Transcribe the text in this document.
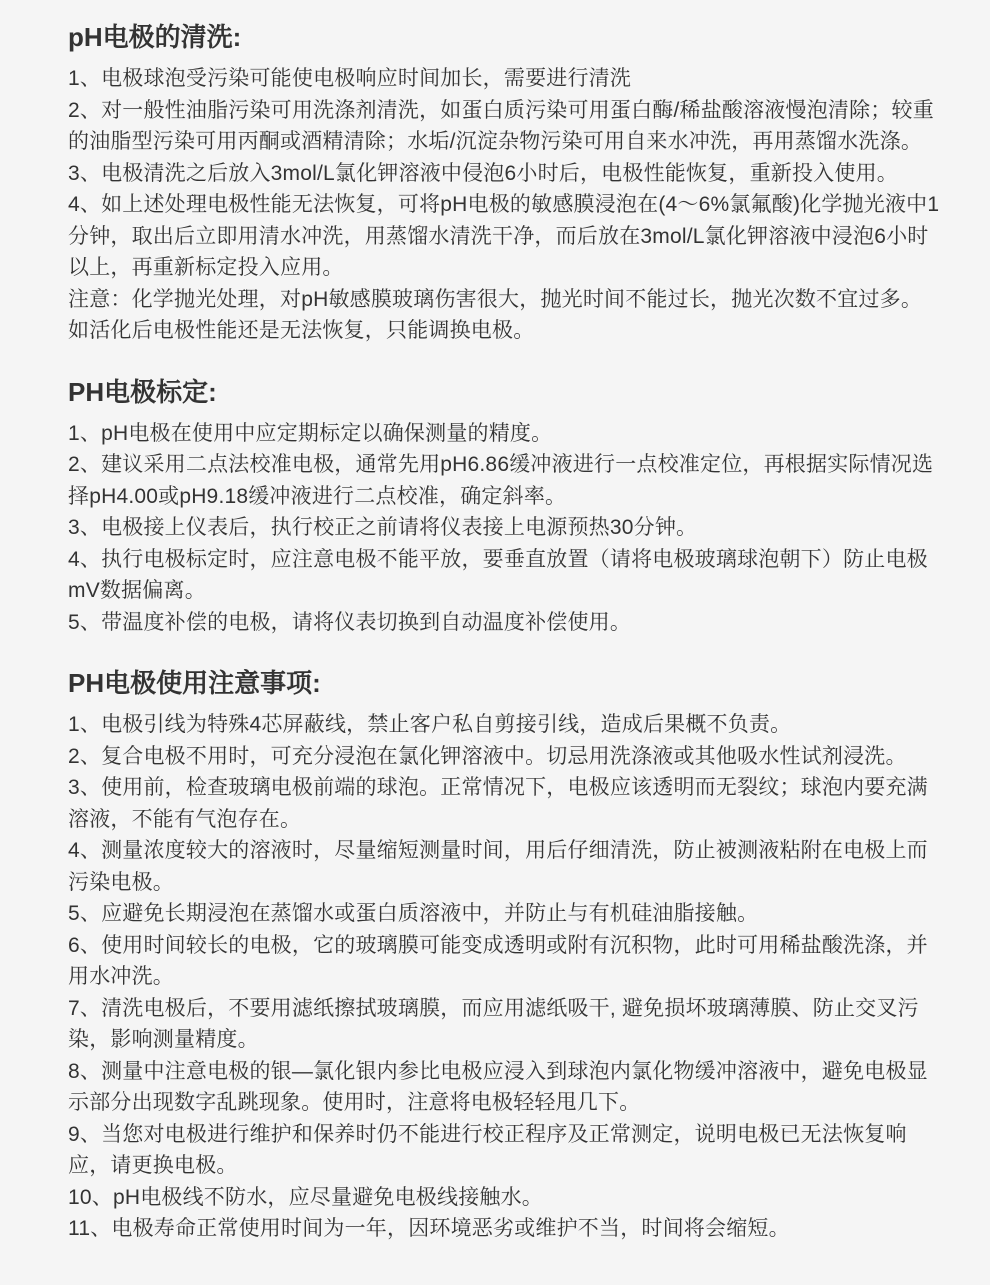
pH电极的清洗:

1、电极球泡受污染可能使电极响应时间加长，需要进行清洗

2、对一般性油脂污染可用洗涤剂清洗，如蛋白质污染可用蛋白酶/稀盐酸溶液慢泡清除；较重的油脂型污染可用丙酮或酒精清除；水垢/沉淀杂物污染可用自来水冲洗，再用蒸馏水洗涤。

3、电极清洗之后放入3mol/L氯化钾溶液中侵泡6小时后，电极性能恢复，重新投入使用。

4、如上述处理电极性能无法恢复，可将pH电极的敏感膜浸泡在(4～6%氯氟酸)化学抛光液中1分钟，取出后立即用清水冲洗，用蒸馏水清洗干净，而后放在3mol/L氯化钾溶液中浸泡6小时以上，再重新标定投入应用。

注意：化学抛光处理，对pH敏感膜玻璃伤害很大，抛光时间不能过长，抛光次数不宜过多。如活化后电极性能还是无法恢复，只能调换电极。

PH电极标定:

1、pH电极在使用中应定期标定以确保测量的精度。

2、建议采用二点法校准电极，通常先用pH6.86缓冲液进行一点校准定位，再根据实际情况选择pH4.00或pH9.18缓冲液进行二点校准，确定斜率。

3、电极接上仪表后，执行校正之前请将仪表接上电源预热30分钟。

4、执行电极标定时，应注意电极不能平放，要垂直放置（请将电极玻璃球泡朝下）防止电极mV数据偏离。

5、带温度补偿的电极，请将仪表切换到自动温度补偿使用。

PH电极使用注意事项:

1、电极引线为特殊4芯屏蔽线，禁止客户私自剪接引线，造成后果概不负责。

2、复合电极不用时，可充分浸泡在氯化钾溶液中。切忌用洗涤液或其他吸水性试剂浸洗。

3、使用前，检查玻璃电极前端的球泡。正常情况下，电极应该透明而无裂纹；球泡内要充满溶液，不能有气泡存在。

4、测量浓度较大的溶液时，尽量缩短测量时间，用后仔细清洗，防止被测液粘附在电极上而污染电极。

5、应避免长期浸泡在蒸馏水或蛋白质溶液中，并防止与有机硅油脂接触。

6、使用时间较长的电极，它的玻璃膜可能变成透明或附有沉积物，此时可用稀盐酸洗涤，并用水冲洗。

7、清洗电极后，不要用滤纸擦拭玻璃膜，而应用滤纸吸干, 避免损坏玻璃薄膜、防止交叉污染，影响测量精度。

8、测量中注意电极的银—氯化银内参比电极应浸入到球泡内氯化物缓冲溶液中，避免电极显示部分出现数字乱跳现象。使用时，注意将电极轻轻甩几下。

9、当您对电极进行维护和保养时仍不能进行校正程序及正常测定，说明电极已无法恢复响应，请更换电极。

10、pH电极线不防水，应尽量避免电极线接触水。

11、电极寿命正常使用时间为一年，因环境恶劣或维护不当，时间将会缩短。
